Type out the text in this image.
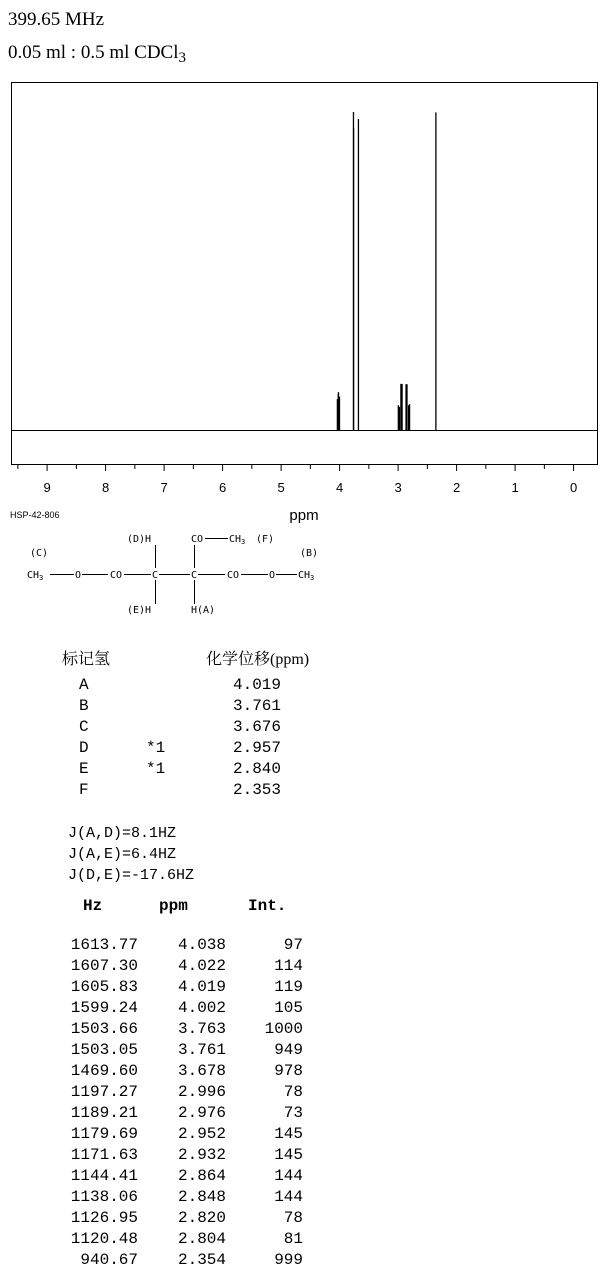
399.65 MHz
0.05 ml : 0.5 ml CDCl$_3$
9	8	7	6	5	4	3	2	1	0
ppm
HSP-42-806
(C)	(B)
$CH_3$	O	CO	C	C	CO	O $CH_3$
(D)H
(E)H
CO	$CH_3$ (F)
H(A)
标记氢	化学位移(ppm)
A	4.019
B	3.761
C	3.676
D	*1	2.957
E	*1	2.840
F	2.353
J(A,D)=8.1HZ
J(A,E)=6.4HZ
J(D,E)=-17.6HZ
Hz	ppm	Int.
1613.77	4.038	97
1607.30	4.022	114
1605.83	4.019	119
1599.24	4.002	105
1503.66	3.763	1000
1503.05	3.761	949
1469.60	3.678	978
1197.27	2.996	78
1189.21	2.976	73
1179.69	2.952	145
1171.63	2.932	145
1144.41	2.864	144
1138.06	2.848	144
1126.95	2.820	78
1120.48	2.804	81
940.67	2.354	999
